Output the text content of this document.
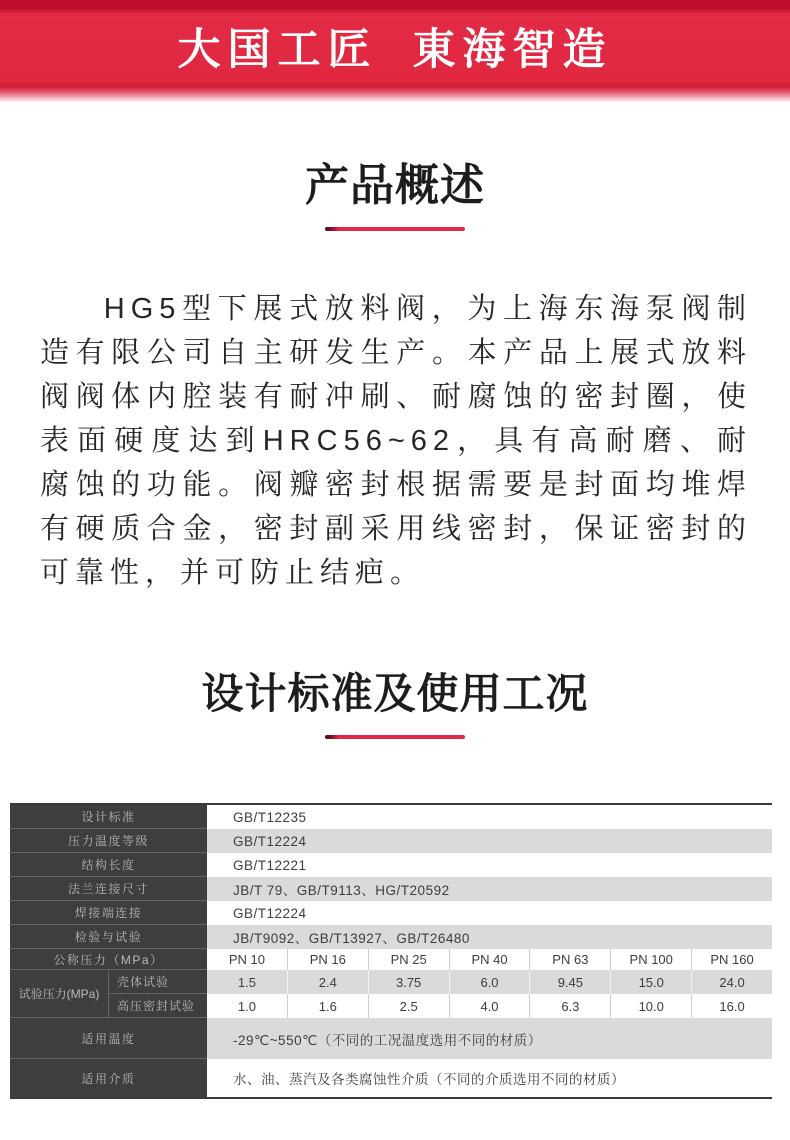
大国工匠 東海智造
产品概述

HG5型下展式放料阀，为上海东海泵阀制造有限公司自主研发生产。本产品上展式放料阀阀体内腔装有耐冲刷、耐腐蚀的密封圈，使表面硬度达到HRC56~62，具有高耐磨、耐腐蚀的功能。阀瓣密封根据需要是封面均堆焊有硬质合金，密封副采用线密封，保证密封的可靠性，并可防止结疤。

设计标准及使用工况
设计标准	GB/T12235
压力温度等级	GB/T12224
结构长度	GB/T12221
法兰连接尺寸	JB/T 79、GB/T9113、HG/T20592
焊接端连接	GB/T12224
检验与试验	JB/T9092、GB/T13927、GB/T26480
公称压力（MPa）	PN 10	PN 16	PN 25	PN 40	PN 63	PN 100	PN 160
试验压力(MPa)
壳体试验	1.5	2.4	3.75	6.0	9.45	15.0	24.0
高压密封试验	1.0	1.6	2.5	4.0	6.3	10.0	16.0
适用温度	-29℃~550℃（不同的工况温度选用不同的材质）
适用介质	水、油、蒸汽及各类腐蚀性介质（不同的介质选用不同的材质）
